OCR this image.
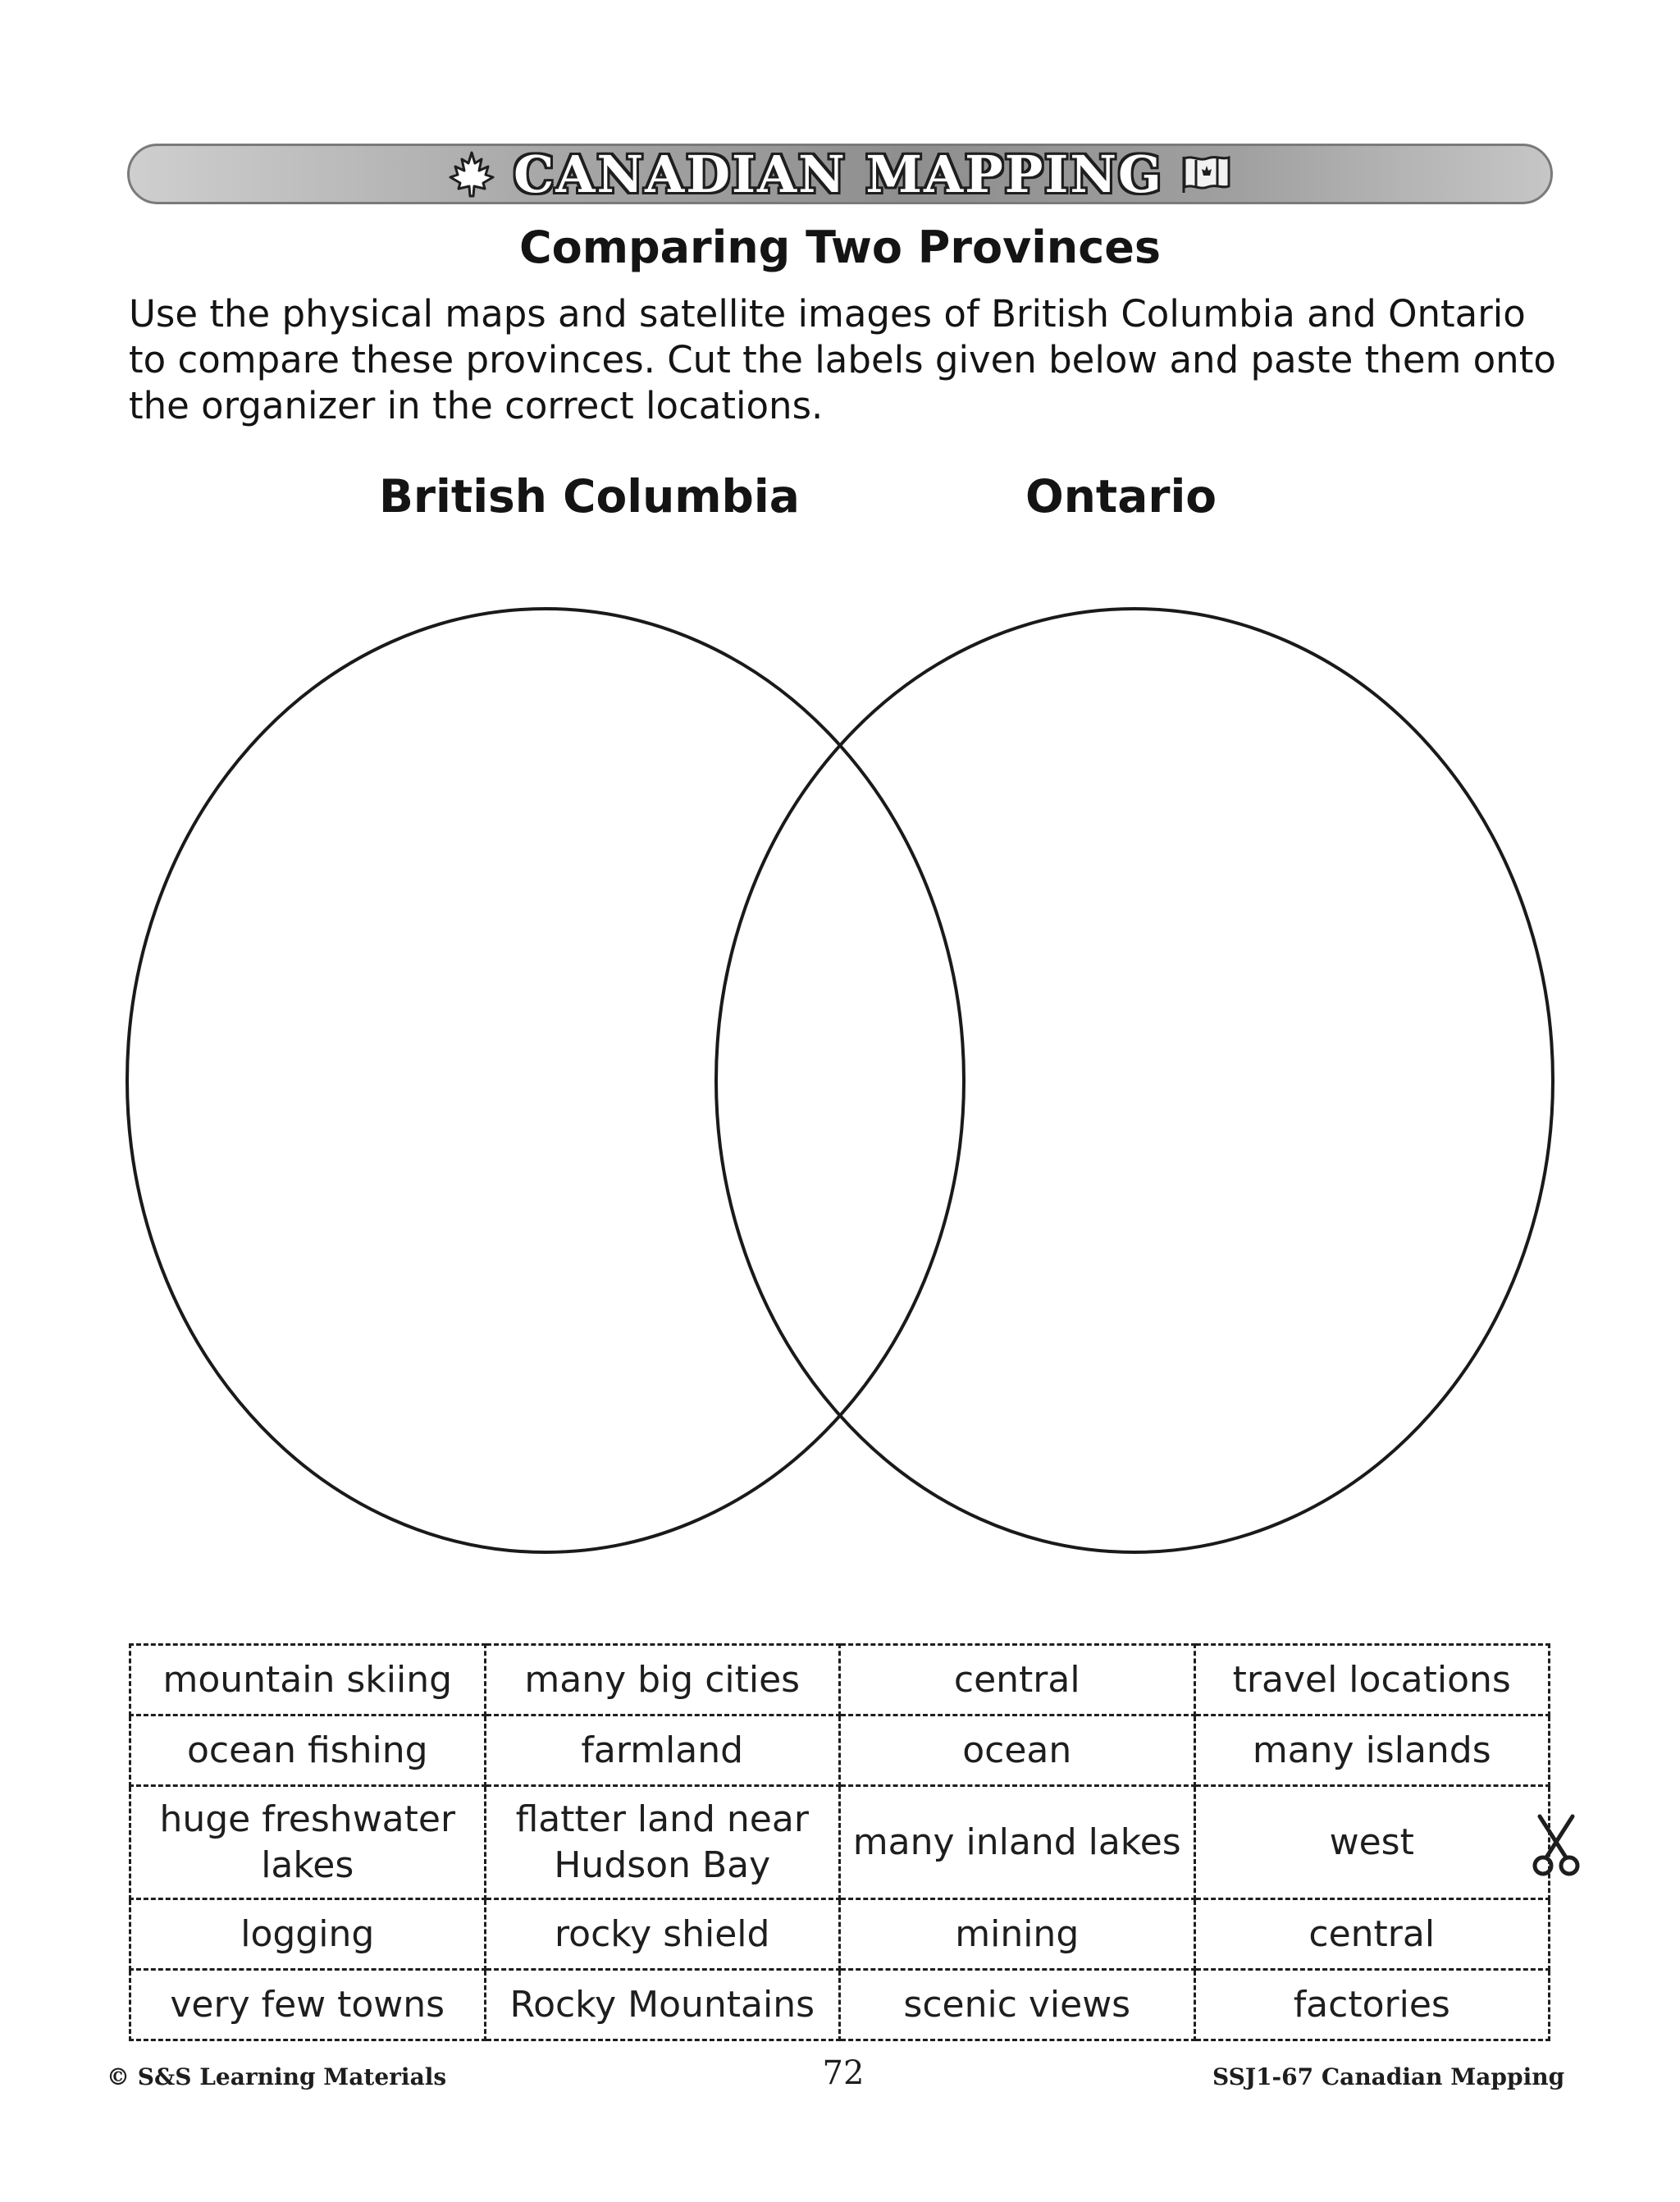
CANADIAN MAPPING
Comparing Two Provinces
Use the physical maps and satellite images of British Columbia and Ontario to compare these provinces. Cut the labels given below and paste them onto the organizer in the correct locations.
British Columbia	Ontario
mountain skiing	many big cities	central	travel locations
ocean fishing	farmland	ocean	many islands
huge freshwater lakes	flatter land near Hudson Bay	many inland lakes	west

logging	rocky shield	mining	central
very few towns	Rocky Mountains	scenic views	factories
© S&S Learning Materials	72	SSJ1-67 Canadian Mapping
